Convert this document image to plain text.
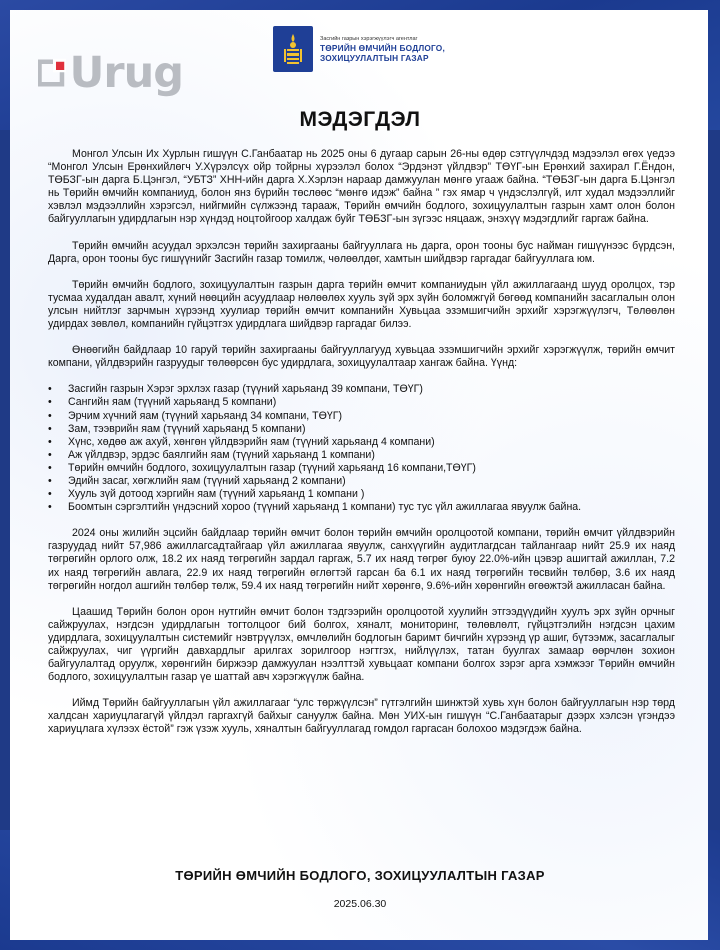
Urug
Засгийн газрын хэрэгжүүлэгч агентлаг
ТӨРИЙН ӨМЧИЙН БОДЛОГО,
ЗОХИЦУУЛАЛТЫН ГАЗАР
МЭДЭГДЭЛ

Монгол Улсын Их Хурлын гишүүн С.Ганбаатар нь 2025 оны 6 дугаар сарын 26-ны өдөр сэтгүүлчдэд мэдээлэл өгөх үедээ “Монгол Улсын Ерөнхийлөгч У.Хүрэлсүх ойр тойрны хүрээлэл болох “Эрдэнэт үйлдвэр” ТӨҮГ-ын Ерөнхий захирал Г.Ёндон, ТӨБЗГ-ын дарга Б.Цэнгэл, “УБТЗ” ХНН-ийн дарга Х.Хэрлэн нараар дамжуулан мөнгө угааж байна. “ТӨБЗГ-ын дарга Б.Цэнгэл нь Төрийн өмчийн компаниуд, болон янз бүрийн төслөөс “мөнгө идэж” байна ” гэх ямар ч үндэслэлгүй, илт худал мэдээллийг хэвлэл мэдээллийн хэрэгсэл, нийгмийн сүлжээнд тарааж, Төрийн өмчийн бодлого, зохицуулалтын газрын хамт олон болон байгууллагын удирдлагын нэр хүндэд ноцтойгоор халдаж буйг ТӨБЗГ-ын зүгээс няцааж, энэхүү мэдэгдлийг гаргаж байна.

Төрийн өмчийн асуудал эрхэлсэн төрийн захиргааны байгууллага нь дарга, орон тооны бус найман гишүүнээс бүрдсэн, Дарга, орон тооны бус гишүүнийг Засгийн газар томилж, чөлөөлдөг, хамтын шийдвэр гаргадаг байгууллага юм.

Төрийн өмчийн бодлого, зохицуулалтын газрын дарга төрийн өмчит компаниудын үйл ажиллагаанд шууд оролцох, тэр тусмаа худалдан авалт, хүний нөөцийн асуудлаар нөлөөлөх хууль зүй эрх зүйн боломжгүй бөгөөд компанийн засаглалын олон улсын нийтлэг зарчмын хүрээнд хуулиар төрийн өмчит компанийн Хувьцаа эзэмшигчийн эрхийг хэрэгжүүлэгч, Төлөөлөн удирдах зөвлөл, компанийн гүйцэтгэх удирдлага шийдвэр гаргадаг билээ.

Өнөөгийн байдлаар 10 гаруй төрийн захиргааны байгууллагууд хувьцаа эзэмшигчийн эрхийг хэрэгжүүлж, төрийн өмчит компани, үйлдвэрийн газруудыг төлөөрсөн бус удирдлага, зохицуулалтаар хангаж байна. Үүнд:

• Засгийн газрын Хэрэг эрхлэх газар (түүний харьяанд 39 компани, ТӨҮГ)
• Сангийн яам (түүний харьяанд 5 компани)
• Эрчим хүчний яам (түүний харьяанд 34 компани, ТӨҮГ)
• Зам, тээврийн яам (түүний харьяанд 5 компани)
• Хүнс, хөдөө аж ахуй, хөнгөн үйлдвэрийн яам (түүний харьяанд 4 компани)
• Аж үйлдвэр, эрдэс баялгийн яам (түүний харьяанд 1 компани)
• Төрийн өмчийн бодлого, зохицуулалтын газар (түүний харьяанд 16 компани,ТӨҮГ)
• Эдийн засаг, хөгжлийн яам (түүний харьяанд 2 компани)
• Хууль зүй дотоод хэргийн яам (түүний харьяанд 1 компани )
• Боомтын сэргэлтийн үндэсний хороо (түүний харьяанд 1 компани) тус тус үйл ажиллагаа явуулж байна.

2024 оны жилийн эцсийн байдлаар төрийн өмчит болон төрийн өмчийн оролцоотой компани, төрийн өмчит үйлдвэрийн газруудад нийт 57,986 ажиллагсадтайгаар үйл ажиллагаа явуулж, санхүүгийн аудитлагдсан тайлангаар нийт 25.9 их наяд төгрөгийн орлого олж, 18.2 их наяд төгрөгийн зардал гаргаж, 5.7 их наяд төгрөг буюу 22.0%-ийн цэвэр ашигтай ажиллан, 7.2 их наяд төгрөгийн авлага, 22.9 их наяд төгрөгийн өглөгтэй гарсан ба 6.1 их наяд төгрөгийн төсвийн төлбөр, 3.6 их наяд төгрөгийн ногдол ашгийн төлбөр төлж, 59.4 их наяд төгрөгийн нийт хөрөнгө, 9.6%-ийн хөрөнгийн өгөөжтэй ажилласан байна.

Цаашид Төрийн болон орон нутгийн өмчит болон тэдгээрийн оролцоотой хуулийн этгээдүүдийн хуулъ эрх зүйн орчныг сайжруулах, нэгдсэн удирдлагын тогтолцоог бий болгох, хяналт, мониторинг, төлөвлөлт, гүйцэтгэлийн нэгдсэн цахим удирдлага, зохицуулалтын системийг нэвтрүүлэх, өмчлөлийн бодлогын баримт бичгийн хүрээнд үр ашиг, бүтээмж, засаглалыг сайжруулах, чиг үүргийн давхардлыг арилгах зорилгоор нэгтгэх, нийлүүлэх, татан буулгах замаар өөрчлөн зохион байгуулалтад оруулж, хөрөнгийн биржээр дамжуулан нээлттэй хувьцаат компани болгох зэрэг арга хэмжээг Төрийн өмчийн бодлого, зохицуулалтын газар үе шаттай авч хэрэгжүүлж байна.

Иймд Төрийн байгууллагын үйл ажиллагааг “улс төржүүлсэн” гүтгэлгийн шинжтэй хувь хүн болон байгууллагын нэр төрд халдсан хариуцлагагүй үйлдэл гаргахгүй байхыг сануулж байна. Мөн УИХ-ын гишүүн “С.Ганбаатарыг дээрх хэлсэн үгэндээ хариуцлага хүлээх ёстой” гэж үзэж хууль, хяналтын байгууллагад гомдол гаргасан болохоо мэдэгдэж байна.

ТӨРИЙН ӨМЧИЙН БОДЛОГО, ЗОХИЦУУЛАЛТЫН ГАЗАР
2025.06.30
